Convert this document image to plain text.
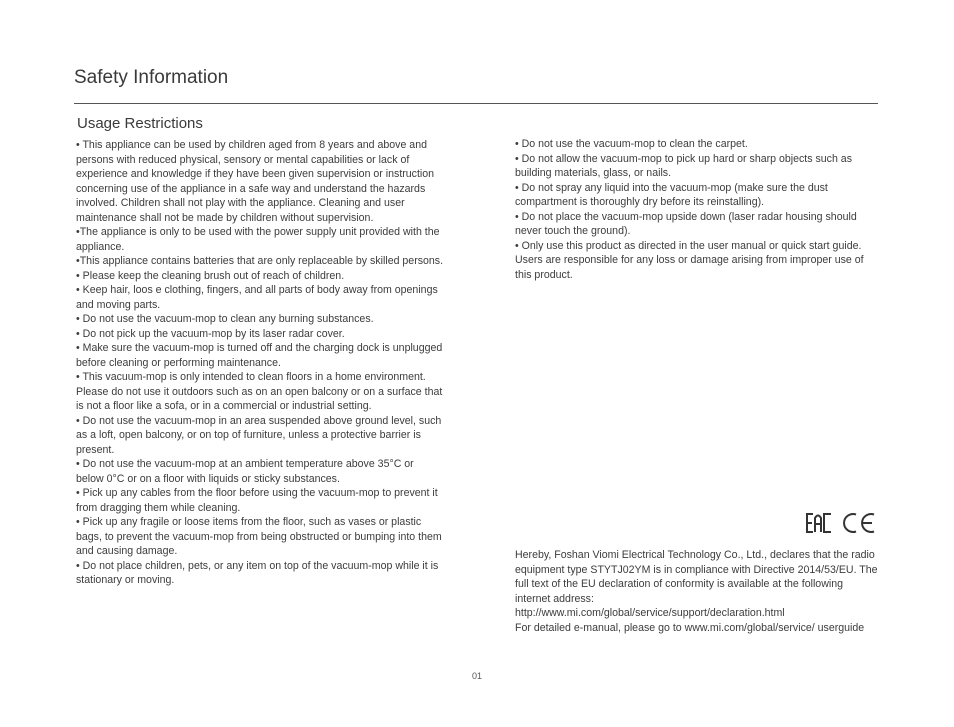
Safety Information
Usage Restrictions

• This appliance can be used by children aged from 8 years and above and persons with reduced physical, sensory or mental capabilities or lack of experience and knowledge if they have been given supervision or instruction concerning use of the appliance in a safe way and understand the hazards involved. Children shall not play with the appliance. Cleaning and user maintenance shall not be made by children without supervision.

•The appliance is only to be used with the power supply unit provided with the appliance.

•This appliance contains batteries that are only replaceable by skilled persons.

• Please keep the cleaning brush out of reach of children.

• Keep hair, loos e clothing, fingers, and all parts of body away from openings and moving parts.

• Do not use the vacuum-mop to clean any burning substances.

• Do not pick up the vacuum-mop by its laser radar cover.

• Make sure the vacuum-mop is turned off and the charging dock is unplugged before cleaning or performing maintenance.

• This vacuum-mop is only intended to clean floors in a home environment. Please do not use it outdoors such as on an open balcony or on a surface that is not a floor like a sofa, or in a commercial or industrial setting.

• Do not use the vacuum-mop in an area suspended above ground level, such as a loft, open balcony, or on top of furniture, unless a protective barrier is present.

• Do not use the vacuum-mop at an ambient temperature above 35°C or below 0°C or on a floor with liquids or sticky substances.

• Pick up any cables from the floor before using the vacuum-mop to prevent it from dragging them while cleaning.

• Pick up any fragile or loose items from the floor, such as vases or plastic bags, to prevent the vacuum-mop from being obstructed or bumping into them and causing damage.

• Do not place children, pets, or any item on top of the vacuum-mop while it is stationary or moving.

• Do not use the vacuum-mop to clean the carpet.

• Do not allow the vacuum-mop to pick up hard or sharp objects such as building materials, glass, or nails.

• Do not spray any liquid into the vacuum-mop (make sure the dust compartment is thoroughly dry before its reinstalling).

• Do not place the vacuum-mop upside down (laser radar housing should never touch the ground).

• Only use this product as directed in the user manual or quick start guide. Users are responsible for any loss or damage arising from improper use of this product.

Hereby, Foshan Viomi Electrical Technology Co., Ltd., declares that the radio equipment type STYTJ02YM is in compliance with Directive 2014/53/EU. The full text of the EU declaration of conformity is available at the following internet address:

http://www.mi.com/global/service/support/declaration.html

For detailed e-manual, please go to www.mi.com/global/service/ userguide

01
